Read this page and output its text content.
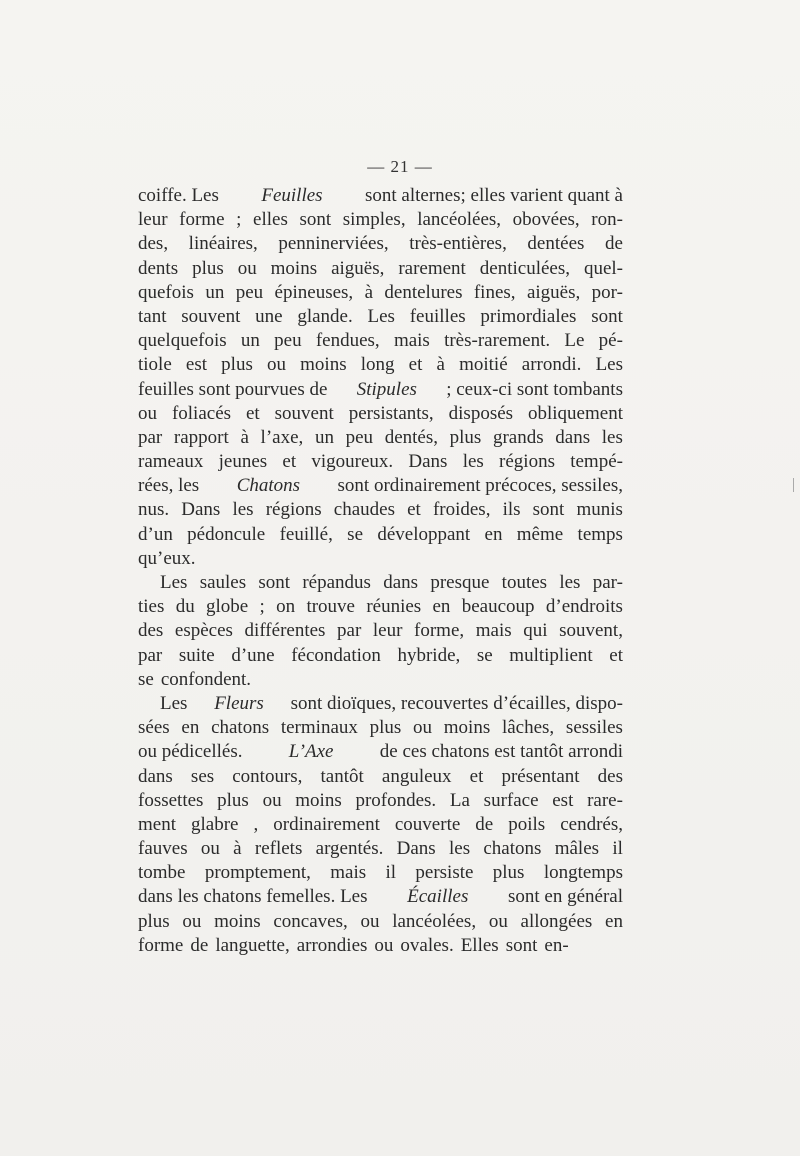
— 21 —
coiffe. Les Feuilles sont alternes; elles varient quant à
leur forme ; elles sont simples, lancéolées, obovées, ron-
des, linéaires, penninerviées, très-entières, dentées de
dents plus ou moins aiguës, rarement denticulées, quel-
quefois un peu épineuses, à dentelures fines, aiguës, por-
tant souvent une glande. Les feuilles primordiales sont
quelquefois un peu fendues, mais très-rarement. Le pé-
tiole est plus ou moins long et à moitié arrondi. Les
feuilles sont pourvues de Stipules ; ceux-ci sont tombants
ou foliacés et souvent persistants, disposés obliquement
par rapport à l’axe, un peu dentés, plus grands dans les
rameaux jeunes et vigoureux. Dans les régions tempé-
rées, les Chatons sont ordinairement précoces, sessiles,
nus. Dans les régions chaudes et froides, ils sont munis
d’un pédoncule feuillé, se développant en même temps
qu’eux.
Les saules sont répandus dans presque toutes les par-
ties du globe ; on trouve réunies en beaucoup d’endroits
des espèces différentes par leur forme, mais qui souvent,
par suite d’une fécondation hybride, se multiplient et
se confondent.
Les Fleurs sont dioïques, recouvertes d’écailles, dispo-
sées en chatons terminaux plus ou moins lâches, sessiles
ou pédicellés. L’Axe de ces chatons est tantôt arrondi
dans ses contours, tantôt anguleux et présentant des
fossettes plus ou moins profondes. La surface est rare-
ment glabre , ordinairement couverte de poils cendrés,
fauves ou à reflets argentés. Dans les chatons mâles il
tombe promptement, mais il persiste plus longtemps
dans les chatons femelles. Les Écailles sont en général
plus ou moins concaves, ou lancéolées, ou allongées en
forme de languette, arrondies ou ovales. Elles sont en-
